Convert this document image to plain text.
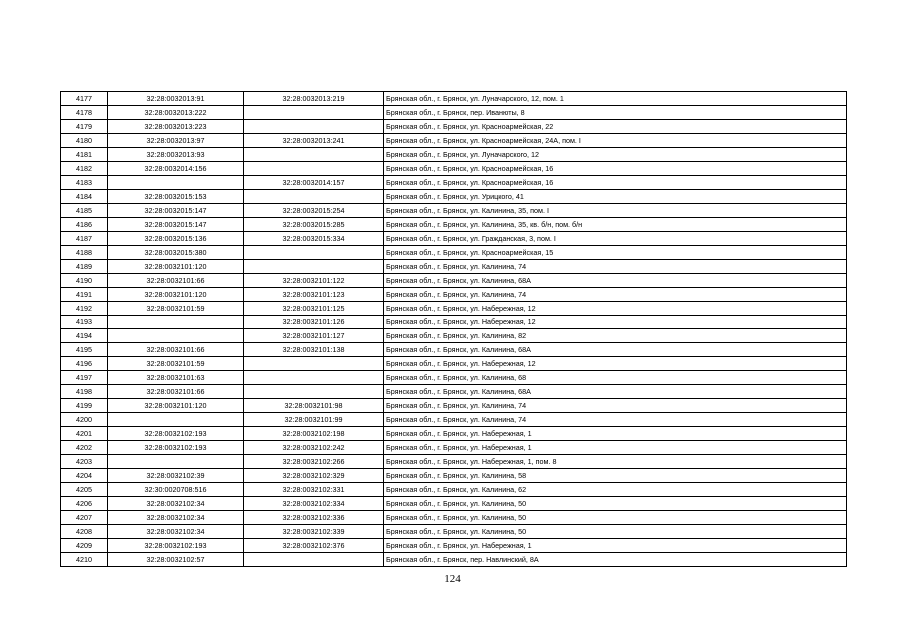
4177	32:28:0032013:91	32:28:0032013:219	Брянская обл., г. Брянск, ул. Луначарского, 12, пом. 1
4178	32:28:0032013:222		Брянская обл., г. Брянск, пер. Иванюты, 8
4179	32:28:0032013:223		Брянская обл., г. Брянск, ул. Красноармейская, 22
4180	32:28:0032013:97	32:28:0032013:241	Брянская обл., г. Брянск, ул. Красноармейская, 24А, пом. I
4181	32:28:0032013:93		Брянская обл., г. Брянск, ул. Луначарского, 12
4182	32:28:0032014:156		Брянская обл., г. Брянск, ул. Красноармейская, 16
4183		32:28:0032014:157	Брянская обл., г. Брянск, ул. Красноармейская, 16
4184	32:28:0032015:153		Брянская обл., г. Брянск, ул. Урицкого, 41
4185	32:28:0032015:147	32:28:0032015:254	Брянская обл., г. Брянск, ул. Калинина, 35, пом. I
4186	32:28:0032015:147	32:28:0032015:285	Брянская обл., г. Брянск, ул. Калинина, 35, кв. б/н, пом. б/н
4187	32:28:0032015:136	32:28:0032015:334	Брянская обл., г. Брянск, ул. Гражданская, 3, пом. I
4188	32:28:0032015:380		Брянская обл., г. Брянск, ул. Красноармейская, 15
4189	32:28:0032101:120		Брянская обл., г. Брянск, ул. Калинина, 74
4190	32:28:0032101:66	32:28:0032101:122	Брянская обл., г. Брянск, ул. Калинина, 68А
4191	32:28:0032101:120	32:28:0032101:123	Брянская обл., г. Брянск, ул. Калинина, 74
4192	32:28:0032101:59	32:28:0032101:125	Брянская обл., г. Брянск, ул. Набережная, 12
4193		32:28:0032101:126	Брянская обл., г. Брянск, ул. Набережная, 12
4194		32:28:0032101:127	Брянская обл., г. Брянск, ул. Калинина, 82
4195	32:28:0032101:66	32:28:0032101:138	Брянская обл., г. Брянск, ул. Калинина, 68А
4196	32:28:0032101:59		Брянская обл., г. Брянск, ул. Набережная, 12
4197	32:28:0032101:63		Брянская обл., г. Брянск, ул. Калинина, 68
4198	32:28:0032101:66		Брянская обл., г. Брянск, ул. Калинина, 68А
4199	32:28:0032101:120	32:28:0032101:98	Брянская обл., г. Брянск, ул. Калинина, 74
4200		32:28:0032101:99	Брянская обл., г. Брянск, ул. Калинина, 74
4201	32:28:0032102:193	32:28:0032102:198	Брянская обл., г. Брянск, ул. Набережная, 1
4202	32:28:0032102:193	32:28:0032102:242	Брянская обл., г. Брянск, ул. Набережная, 1
4203		32:28:0032102:266	Брянская обл., г. Брянск, ул. Набережная, 1, пом. 8
4204	32:28:0032102:39	32:28:0032102:329	Брянская обл., г. Брянск, ул. Калинина, 58
4205	32:30:0020708:516	32:28:0032102:331	Брянская обл., г. Брянск, ул. Калинина, 62
4206	32:28:0032102:34	32:28:0032102:334	Брянская обл., г. Брянск, ул. Калинина, 50
4207	32:28:0032102:34	32:28:0032102:336	Брянская обл., г. Брянск, ул. Калинина, 50
4208	32:28:0032102:34	32:28:0032102:339	Брянская обл., г. Брянск, ул. Калинина, 50
4209	32:28:0032102:193	32:28:0032102:376	Брянская обл., г. Брянск, ул. Набережная, 1
4210	32:28:0032102:57		Брянская обл., г. Брянск, пер. Навлинский, 8А
124
